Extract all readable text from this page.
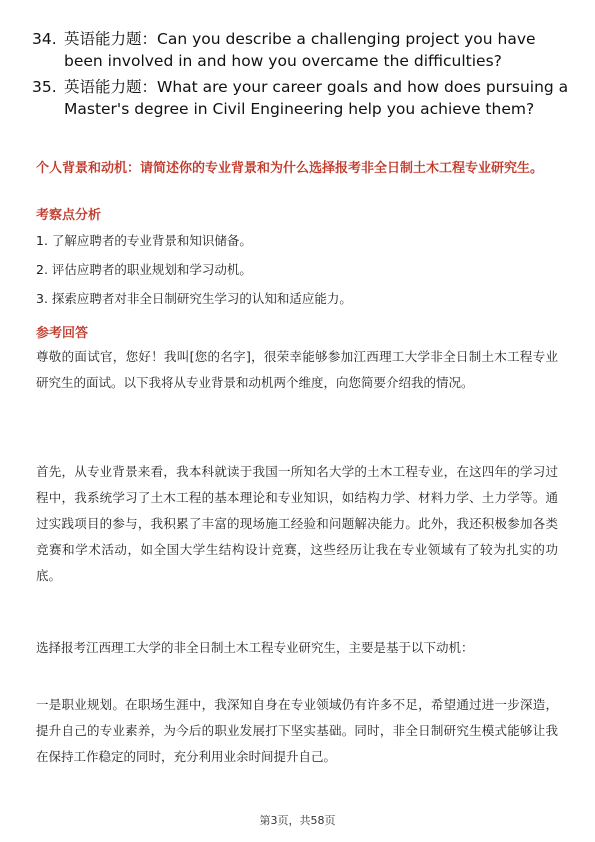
34. 英语能力题：Can you describe a challenging project you have been involved in and how you overcame the difficulties?
35. 英语能力题：What are your career goals and how does pursuing a Master's degree in Civil Engineering help you achieve them?
个人背景和动机：请简述你的专业背景和为什么选择报考非全日制土木工程专业研究生。
考察点分析
1. 了解应聘者的专业背景和知识储备。
2. 评估应聘者的职业规划和学习动机。
3. 探索应聘者对非全日制研究生学习的认知和适应能力。
参考回答
尊敬的面试官，您好！我叫[您的名字]，很荣幸能够参加江西理工大学非全日制土木工程专业研究生的面试。以下我将从专业背景和动机两个维度，向您简要介绍我的情况。
首先，从专业背景来看，我本科就读于我国一所知名大学的土木工程专业，在这四年的学习过程中，我系统学习了土木工程的基本理论和专业知识，如结构力学、材料力学、土力学等。通过实践项目的参与，我积累了丰富的现场施工经验和问题解决能力。此外，我还积极参加各类竞赛和学术活动，如全国大学生结构设计竞赛，这些经历让我在专业领域有了较为扎实的功底。
选择报考江西理工大学的非全日制土木工程专业研究生，主要是基于以下动机：
一是职业规划。在职场生涯中，我深知自身在专业领域仍有许多不足，希望通过进一步深造，提升自己的专业素养，为今后的职业发展打下坚实基础。同时，非全日制研究生模式能够让我在保持工作稳定的同时，充分利用业余时间提升自己。
第3页，共58页
